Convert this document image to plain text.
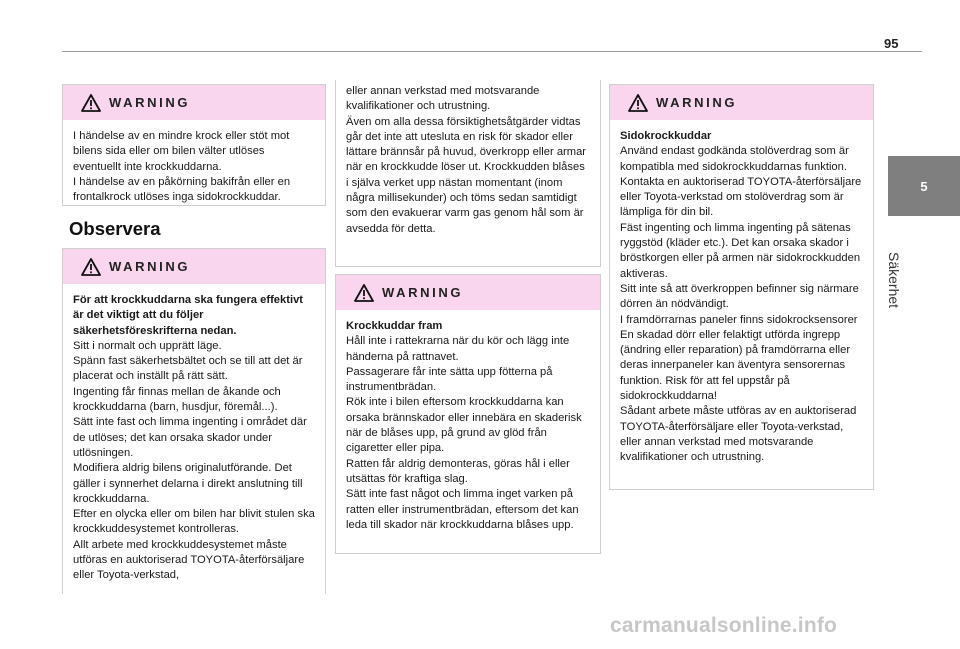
95
5
Säkerhet
WARNING

I händelse av en mindre krock eller stöt mot bilens sida eller om bilen välter utlöses eventuellt inte krockkuddarna.

I händelse av en påkörning bakifrån eller en frontalkrock utlöses inga sidokrockkuddar.

Observera
WARNING

För att krockkuddarna ska fungera effektivt är det viktigt att du följer säkerhetsföreskrifterna nedan.

Sitt i normalt och upprätt läge.

Spänn fast säkerhetsbältet och se till att det är placerat och inställt på rätt sätt.

Ingenting får finnas mellan de åkande och krockkuddarna (barn, husdjur, föremål...).

Sätt inte fast och limma ingenting i området där de utlöses; det kan orsaka skador under utlösningen.

Modifiera aldrig bilens originalutförande. Det gäller i synnerhet delarna i direkt anslutning till krockkuddarna.

Efter en olycka eller om bilen har blivit stulen ska krockkuddesystemet kontrolleras.

Allt arbete med krockkuddesystemet måste utföras en auktoriserad TOYOTA-återförsäljare eller Toyota-verkstad,

eller annan verkstad med motsvarande kvalifikationer och utrustning.

Även om alla dessa försiktighetsåtgärder vidtas går det inte att utesluta en risk för skador eller lättare brännsår på huvud, överkropp eller armar när en krockkudde löser ut. Krockkudden blåses i själva verket upp nästan momentant (inom några millisekunder) och töms sedan samtidigt som den evakuerar varm gas genom hål som är avsedda för detta.

WARNING

Krockkuddar fram

Håll inte i rattekrarna när du kör och lägg inte händerna på rattnavet.

Passagerare får inte sätta upp fötterna på instrumentbrädan.

Rök inte i bilen eftersom krockkuddarna kan orsaka brännskador eller innebära en skaderisk när de blåses upp, på grund av glöd från cigaretter eller pipa.

Ratten får aldrig demonteras, göras hål i eller utsättas för kraftiga slag.

Sätt inte fast något och limma inget varken på ratten eller instrumentbrädan, eftersom det kan leda till skador när krockkuddarna blåses upp.

WARNING

Sidokrockkuddar

Använd endast godkända stolöverdrag som är kompatibla med sidokrockkuddarnas funktion. Kontakta en auktoriserad TOYOTA-återförsäljare eller Toyota-verkstad om stolöverdrag som är lämpliga för din bil.

Fäst ingenting och limma ingenting på sätenas ryggstöd (kläder etc.). Det kan orsaka skador i bröstkorgen eller på armen när sidokrockkudden aktiveras.

Sitt inte så att överkroppen befinner sig närmare dörren än nödvändigt.

I framdörrarnas paneler finns sidokrocksensorer

En skadad dörr eller felaktigt utförda ingrepp (ändring eller reparation) på framdörrarna eller deras innerpaneler kan äventyra sensorernas funktion. Risk för att fel uppstår på sidokrockkuddarna!

Sådant arbete måste utföras av en auktoriserad TOYOTA-återförsäljare eller Toyota-verkstad, eller annan verkstad med motsvarande kvalifikationer och utrustning.

carmanualsonline.info
